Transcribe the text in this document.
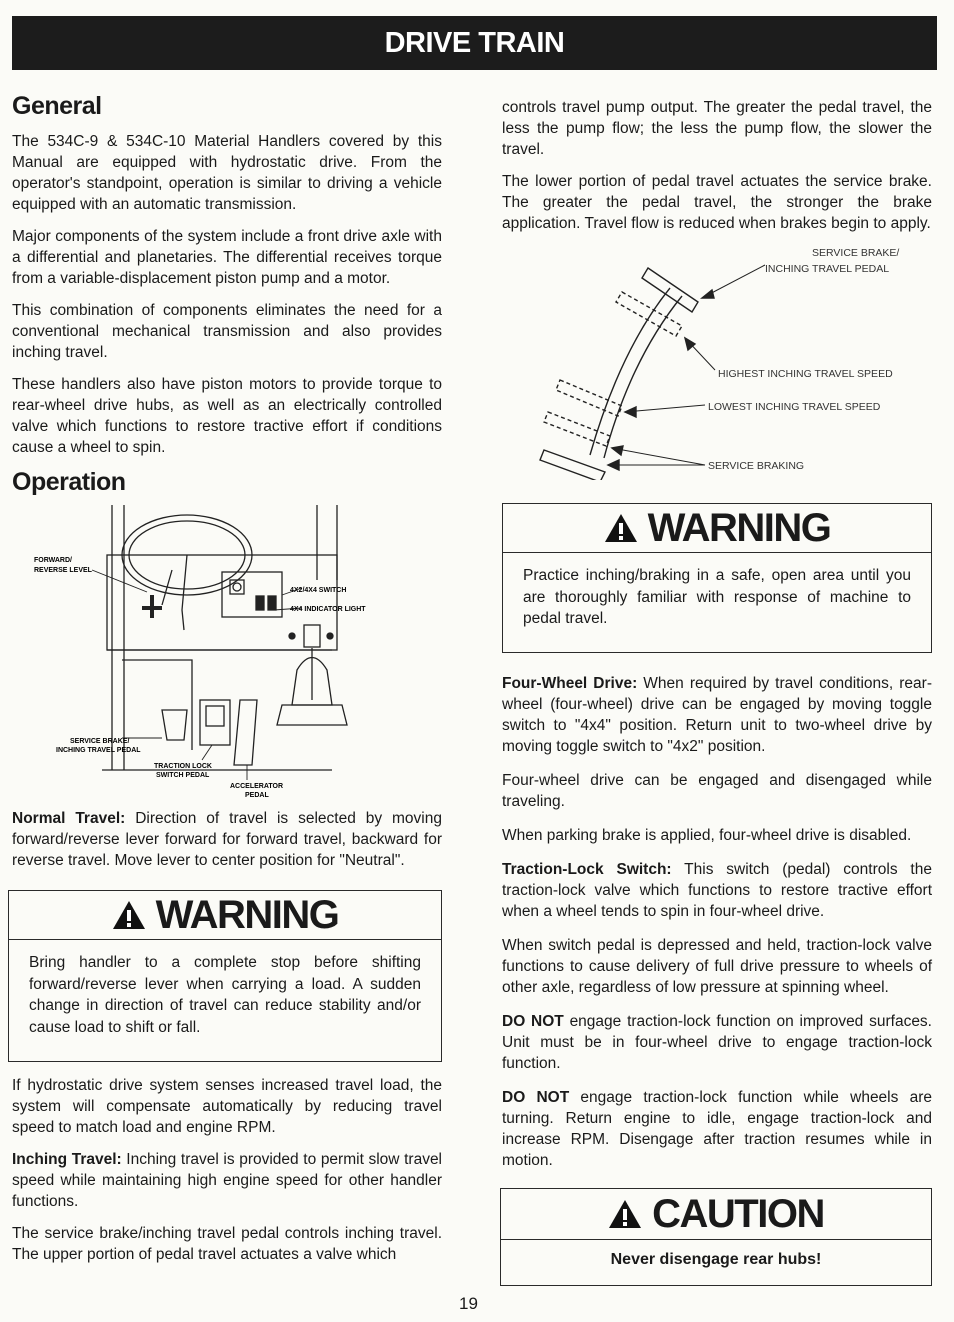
DRIVE TRAIN
General

The 534C-9 & 534C-10 Material Handlers covered by this Manual are equipped with hydrostatic drive. From the operator's standpoint, operation is similar to driving a vehicle equipped with an automatic transmission.

Major components of the system include a front drive axle with a differential and planetaries. The differential receives torque from a variable-displacement piston pump and a motor.

This combination of components eliminates the need for a conventional mechanical transmission and also provides inching travel.

These handlers also have piston motors to provide torque to rear-wheel drive hubs, as well as an electrically controlled valve which functions to restore tractive effort if conditions cause a wheel to spin.

Operation
FORWARD/
REVERSE LEVEL
4X2/4X4 SWITCH
4X4 INDICATOR LIGHT
SERVICE BRAKE/
INCHING TRAVEL PEDAL
TRACTION LOCK
SWITCH PEDAL
ACCELERATOR
PEDAL

Normal Travel: Direction of travel is selected by moving forward/reverse lever forward for forward travel, backward for reverse travel. Move lever to center position for "Neutral".

WARNING

Bring handler to a complete stop before shifting forward/reverse lever when carrying a load. A sudden change in direction of travel can reduce stability and/or cause load to shift or fall.

If hydrostatic drive system senses increased travel load, the system will compensate automatically by reducing travel speed to match load and engine RPM.

Inching Travel: Inching travel is provided to permit slow travel speed while maintaining high engine speed for other handler functions.

The service brake/inching travel pedal controls inching travel. The upper portion of pedal travel actuates a valve which

controls travel pump output. The greater the pedal travel, the less the pump flow; the less the pump flow, the slower the travel.

The lower portion of pedal travel actuates the service brake. The greater the pedal travel, the stronger the brake application. Travel flow is reduced when brakes begin to apply.

SERVICE BRAKE/
INCHING TRAVEL PEDAL
HIGHEST INCHING TRAVEL SPEED
LOWEST INCHING TRAVEL SPEED
SERVICE BRAKING
WARNING

Practice inching/braking in a safe, open area until you are thoroughly familiar with response of machine to pedal travel.

Four-Wheel Drive: When required by travel conditions, rear-wheel (four-wheel) drive can be engaged by moving toggle switch to "4x4" position. Return unit to two-wheel drive by moving toggle switch to "4x2" position.

Four-wheel drive can be engaged and disengaged while traveling.

When parking brake is applied, four-wheel drive is disabled.

Traction-Lock Switch: This switch (pedal) controls the traction-lock valve which functions to restore tractive effort when a wheel tends to spin in four-wheel drive.

When switch pedal is depressed and held, traction-lock valve functions to cause delivery of full drive pressure to wheels of other axle, regardless of low pressure at spinning wheel.

DO NOT engage traction-lock function on improved surfaces. Unit must be in four-wheel drive to engage traction-lock function.

DO NOT engage traction-lock function while wheels are turning. Return engine to idle, engage traction-lock and increase RPM. Disengage after traction resumes while in motion.

CAUTION
Never disengage rear hubs!
19
